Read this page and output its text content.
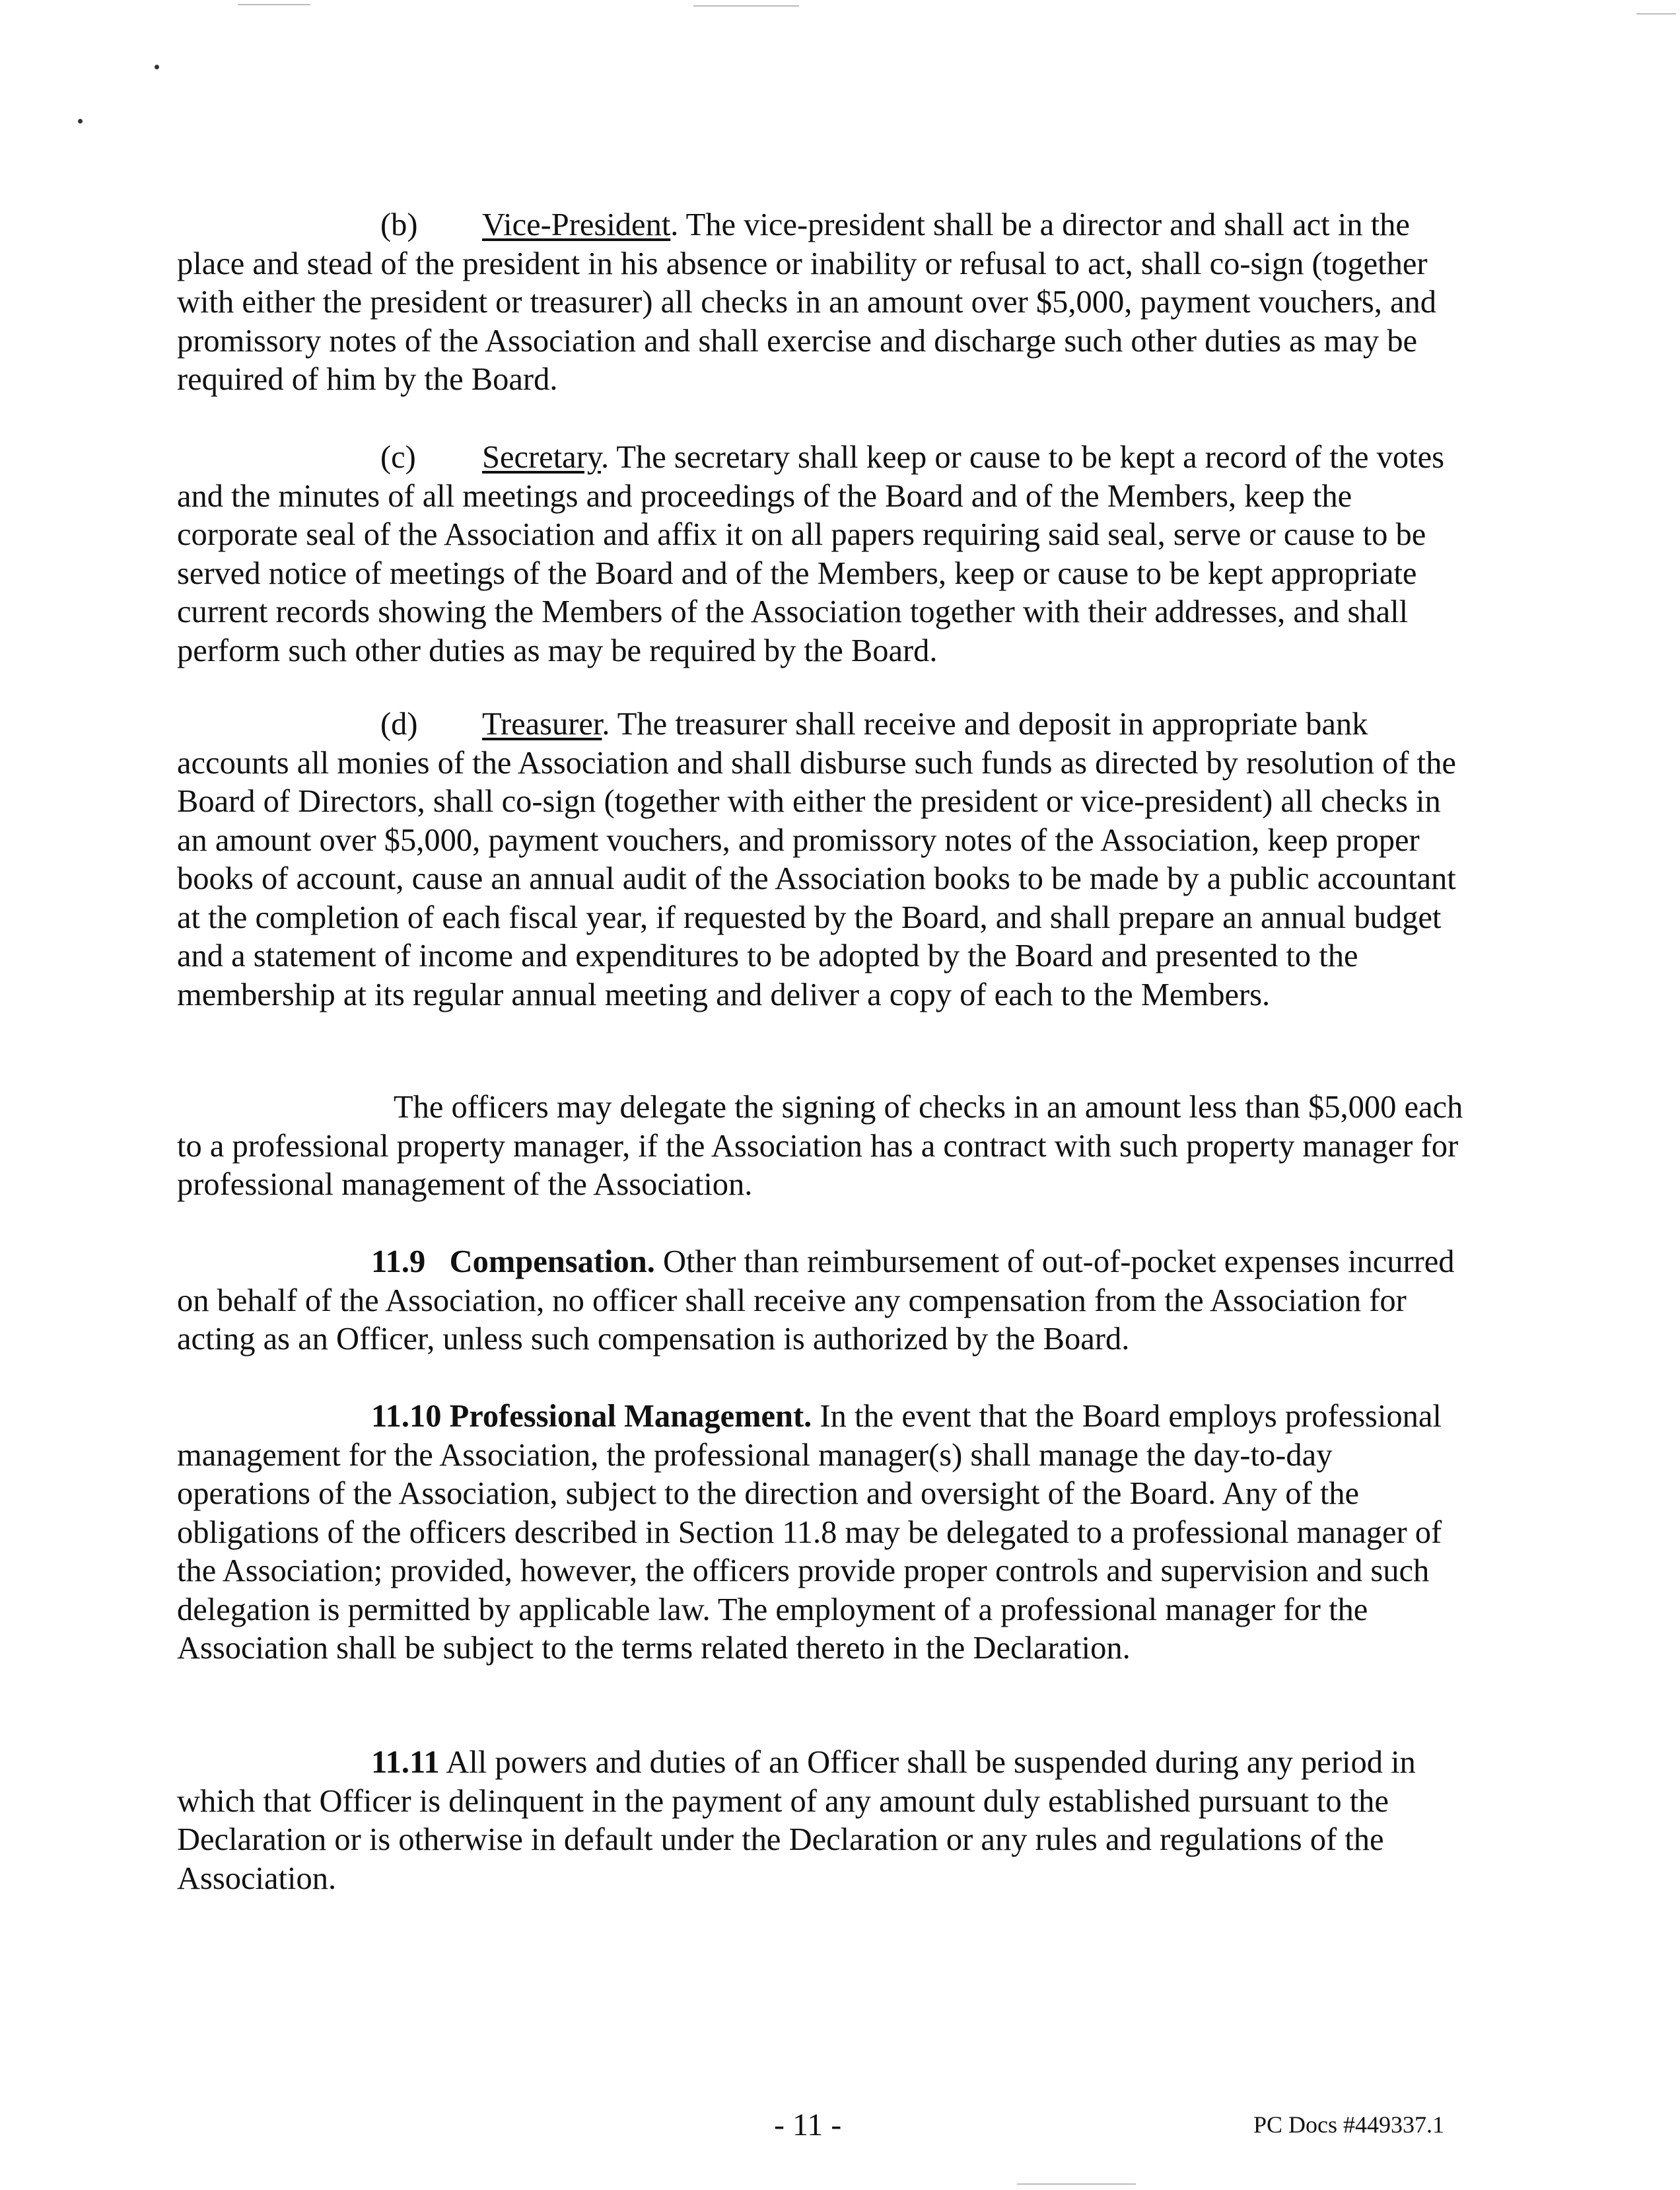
(b) Vice-President. The vice-president shall be a director and shall act in the place and stead of the president in his absence or inability or refusal to act, shall co-sign (together with either the president or treasurer) all checks in an amount over $5,000, payment vouchers, and promissory notes of the Association and shall exercise and discharge such other duties as may be required of him by the Board.
(c) Secretary. The secretary shall keep or cause to be kept a record of the votes and the minutes of all meetings and proceedings of the Board and of the Members, keep the corporate seal of the Association and affix it on all papers requiring said seal, serve or cause to be served notice of meetings of the Board and of the Members, keep or cause to be kept appropriate current records showing the Members of the Association together with their addresses, and shall perform such other duties as may be required by the Board.
(d) Treasurer. The treasurer shall receive and deposit in appropriate bank accounts all monies of the Association and shall disburse such funds as directed by resolution of the Board of Directors, shall co-sign (together with either the president or vice-president) all checks in an amount over $5,000, payment vouchers, and promissory notes of the Association, keep proper books of account, cause an annual audit of the Association books to be made by a public accountant at the completion of each fiscal year, if requested by the Board, and shall prepare an annual budget and a statement of income and expenditures to be adopted by the Board and presented to the membership at its regular annual meeting and deliver a copy of each to the Members.
The officers may delegate the signing of checks in an amount less than $5,000 each to a professional property manager, if the Association has a contract with such property manager for professional management of the Association.
11.9 Compensation. Other than reimbursement of out-of-pocket expenses incurred on behalf of the Association, no officer shall receive any compensation from the Association for acting as an Officer, unless such compensation is authorized by the Board.
11.10 Professional Management. In the event that the Board employs professional management for the Association, the professional manager(s) shall manage the day-to-day operations of the Association, subject to the direction and oversight of the Board. Any of the obligations of the officers described in Section 11.8 may be delegated to a professional manager of the Association; provided, however, the officers provide proper controls and supervision and such delegation is permitted by applicable law. The employment of a professional manager for the Association shall be subject to the terms related thereto in the Declaration.
11.11 All powers and duties of an Officer shall be suspended during any period in which that Officer is delinquent in the payment of any amount duly established pursuant to the Declaration or is otherwise in default under the Declaration or any rules and regulations of the Association.
- 11 -	PC Docs #449337.1
